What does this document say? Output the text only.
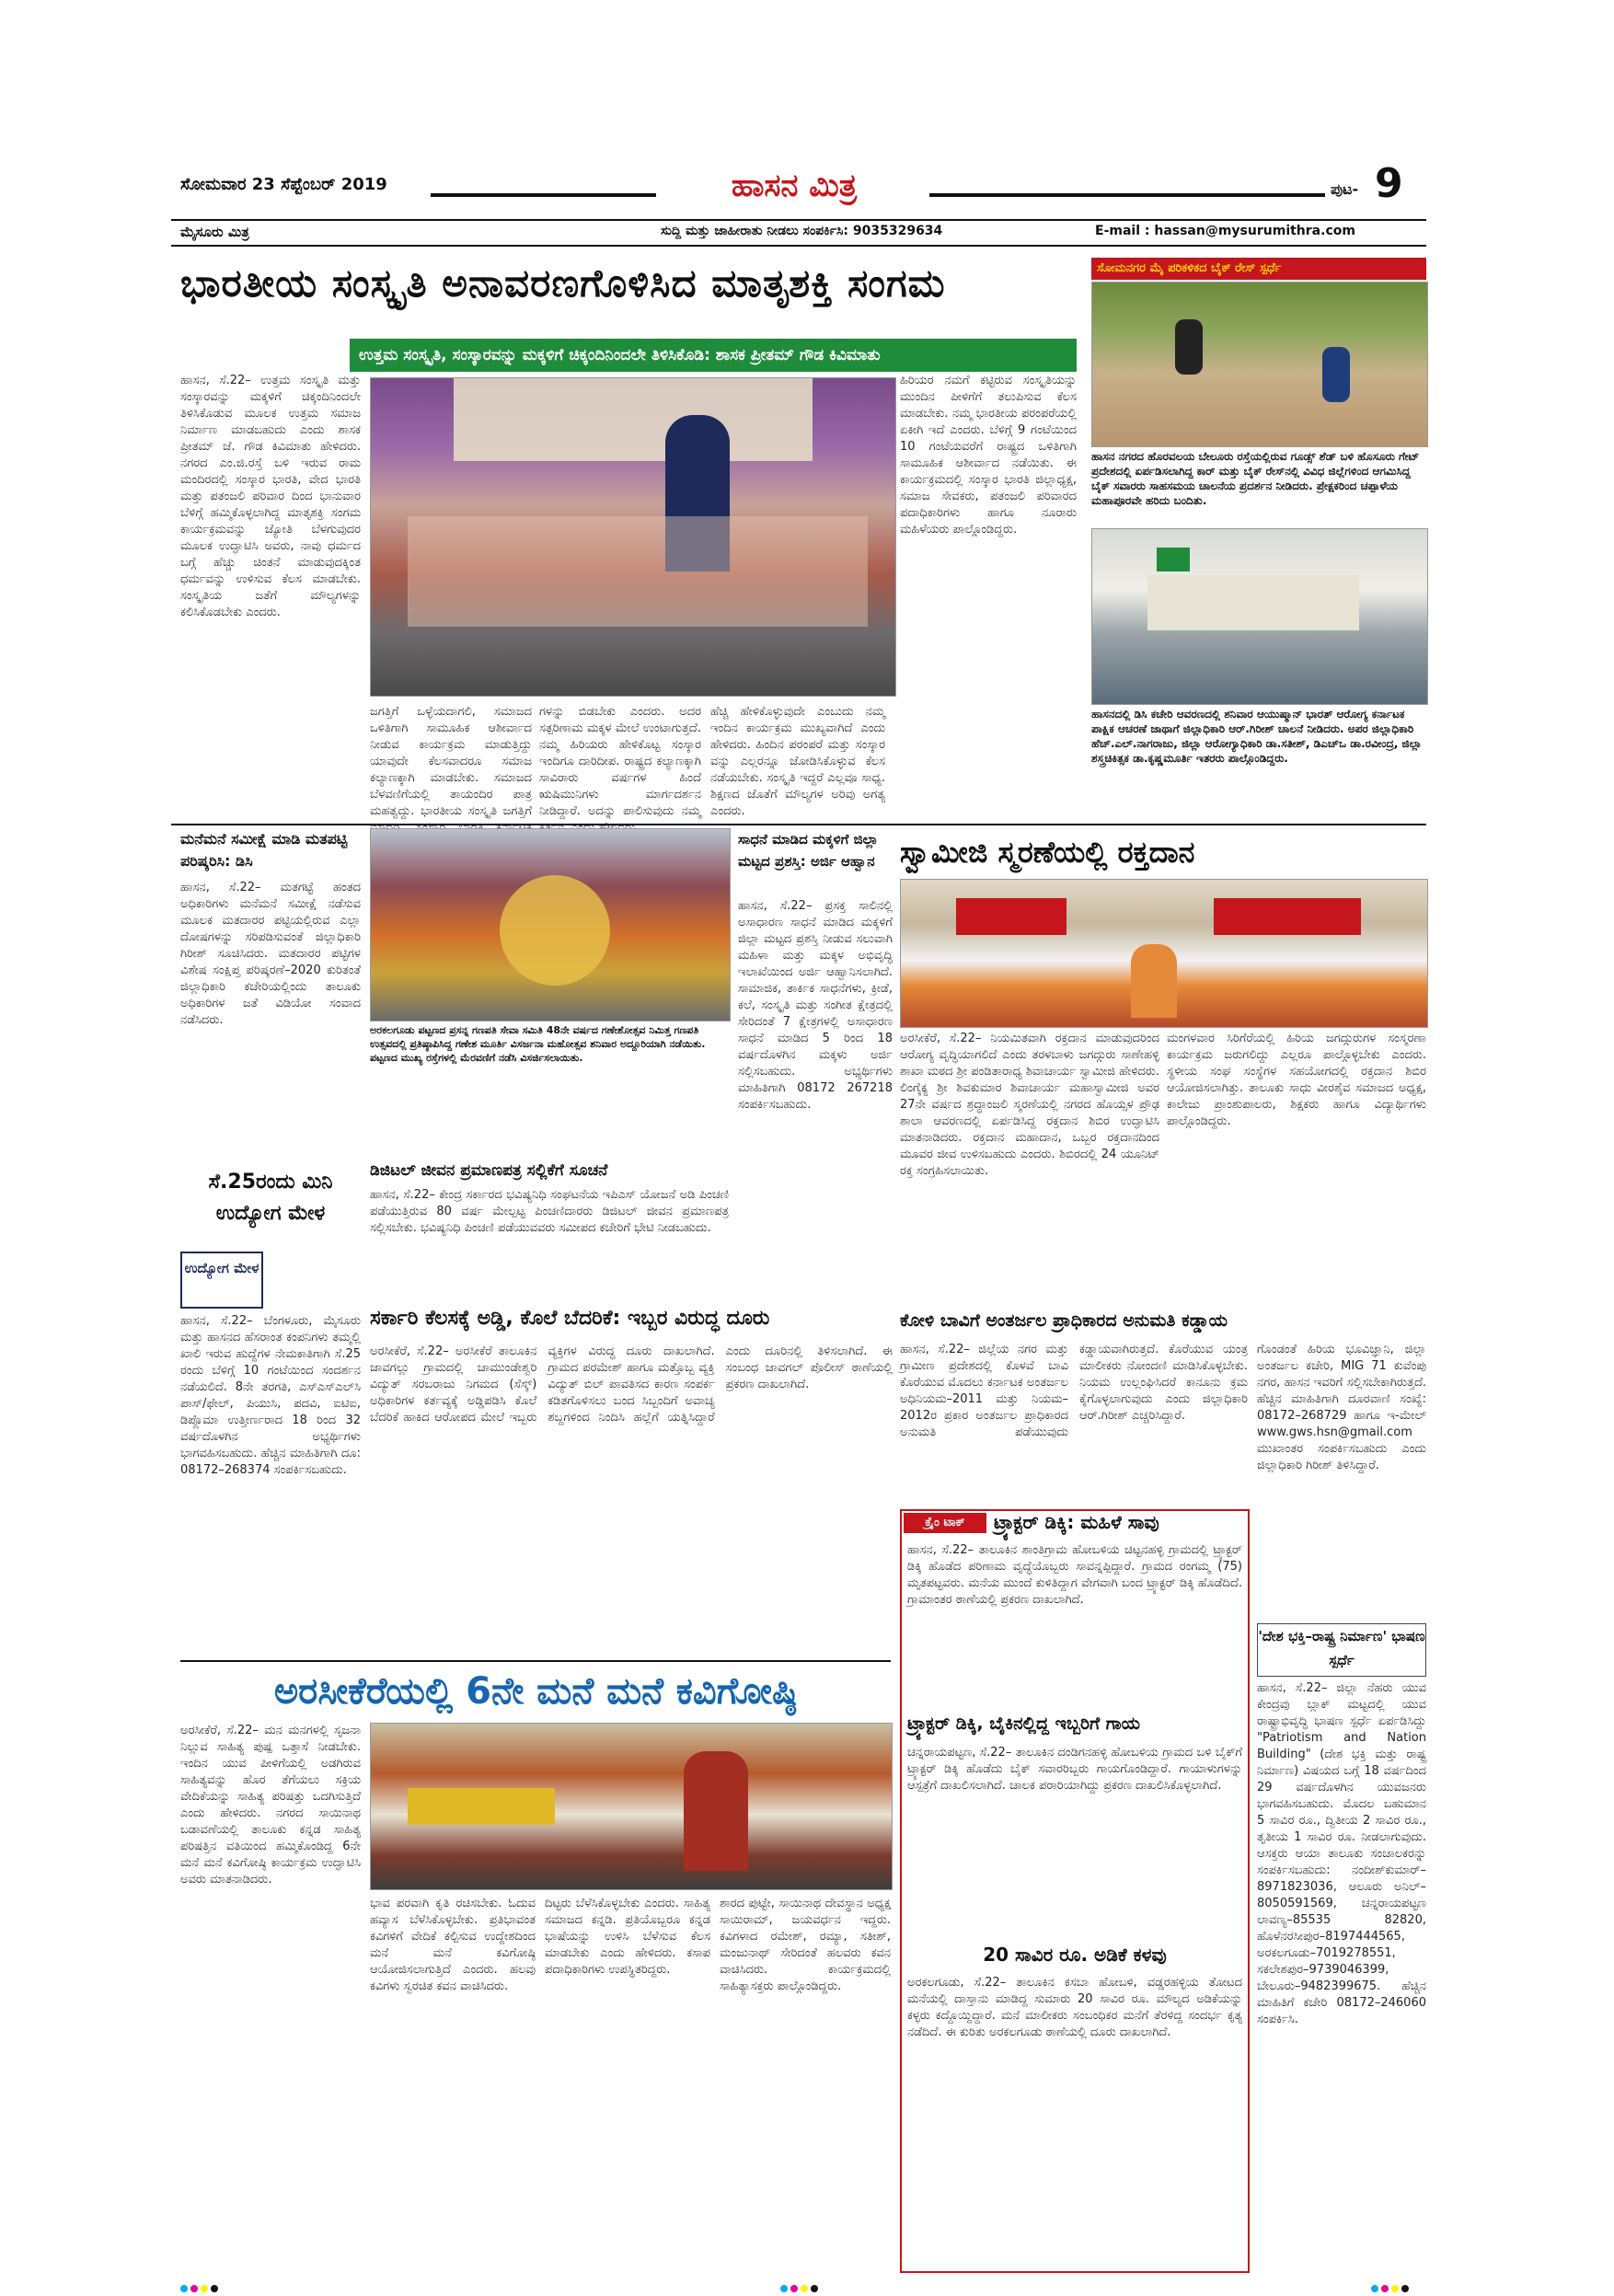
ಸೋಮವಾರ 23 ಸೆಪ್ಟೆಂಬರ್ 2019	ಹಾಸನ ಮಿತ್ರ	ಪುಟ- 9
ಮೈಸೂರು ಮಿತ್ರ	ಸುದ್ದಿ ಮತ್ತು ಜಾಹೀರಾತು ನೀಡಲು ಸಂಪರ್ಕಿಸಿ: 9035329634	E-mail : hassan@mysurumithra.com
ಭಾರತೀಯ ಸಂಸ್ಕೃತಿ ಅನಾವರಣಗೊಳಿಸಿದ ಮಾತೃಶಕ್ತಿ ಸಂಗಮ
ಉತ್ತಮ ಸಂಸ್ಕೃತಿ, ಸಂಸ್ಕಾರವನ್ನು ಮಕ್ಕಳಿಗೆ ಚಿಕ್ಕಂದಿನಿಂದಲೇ ತಿಳಿಸಿಕೊಡಿ: ಶಾಸಕ ಪ್ರೀತಮ್ ಗೌಡ ಕಿವಿಮಾತು
ಹಾಸನ, ಸೆ.22– ಉತ್ತಮ ಸಂಸ್ಕೃತಿ ಮತ್ತು ಸಂಸ್ಕಾರವನ್ನು ಮಕ್ಕಳಿಗೆ ಚಿಕ್ಕಂದಿನಿಂದಲೇ ತಿಳಿಸಿಕೊಡುವ ಮೂಲಕ ಉತ್ತಮ ಸಮಾಜ ನಿರ್ಮಾಣ ಮಾಡಬಹುದು ಎಂದು ಶಾಸಕ ಪ್ರೀತಮ್ ಜೆ. ಗೌಡ ಕಿವಿಮಾತು ಹೇಳಿದರು. ನಗರದ ಎಂ.ಜಿ.ರಸ್ತೆ ಬಳಿ ಇರುವ ರಾಮ ಮಂದಿರದಲ್ಲಿ ಸಂಸ್ಕಾರ ಭಾರತಿ, ವೇದ ಭಾರತಿ ಮತ್ತು ಪತಂಜಲಿ ಪರಿವಾರ ದಿಂದ ಭಾನುವಾರ ಬೆಳಿಗ್ಗೆ ಹಮ್ಮಿಕೊಳ್ಳಲಾಗಿದ್ದ ಮಾತೃಶಕ್ತಿ ಸಂಗಮ ಕಾರ್ಯಕ್ರಮವನ್ನು ಜ್ಯೋತಿ ಬೆಳಗುವುದರ ಮೂಲಕ ಉದ್ಘಾಟಿಸಿ ಅವರು, ನಾವು ಧರ್ಮದ ಬಗ್ಗೆ ಹೆಚ್ಚು ಚಿಂತನೆ ಮಾಡುವುದಕ್ಕಿಂತ ಧರ್ಮವನ್ನು ಉಳಿಸುವ ಕೆಲಸ ಮಾಡಬೇಕು. ಸಂಸ್ಕೃತಿಯ ಜತೆಗೆ ಮೌಲ್ಯಗಳನ್ನು ಕಲಿಸಿಕೊಡಬೇಕು ಎಂದರು.
ಜಗತ್ತಿಗೆ ಒಳ್ಳೆಯದಾಗಲಿ, ಸಮಾಜದ ಒಳಿತಿಗಾಗಿ ಸಾಮೂಹಿಕ ಆಶೀರ್ವಾದ ನೀಡುವ ಕಾರ್ಯಕ್ರಮ ಮಾಡುತ್ತಿದ್ದು ಯಾವುದೇ ಕೆಲಸವಾದರೂ ಸಮಾಜ ಕಲ್ಯಾಣಕ್ಕಾಗಿ ಮಾಡಬೇಕು. ಸಮಾಜದ ಬೆಳವಣಿಗೆಯಲ್ಲಿ ತಾಯಂದಿರ ಪಾತ್ರ ಮಹತ್ವದ್ದು. ಭಾರತೀಯ ಸಂಸ್ಕೃತಿ ಜಗತ್ತಿಗೆ
ಗಳನ್ನು ಬಿಡಬೇಕು ಎಂದರು. ಅದರ ಸತ್ಪರಿಣಾಮ ಮಕ್ಕಳ ಮೇಲೆ ಉಂಟಾಗುತ್ತದೆ. ನಮ್ಮ ಹಿರಿಯರು ಹೇಳಿಕೊಟ್ಟ ಸಂಸ್ಕಾರ ಇಂದಿಗೂ ದಾರಿದೀಪ. ರಾಷ್ಟ್ರದ ಕಲ್ಯಾಣಕ್ಕಾಗಿ ಸಾವಿರಾರು ವರ್ಷಗಳ ಹಿಂದೆ ಋಷಿಮುನಿಗಳು ಮಾರ್ಗದರ್ಶನ ನೀಡಿದ್ದಾರೆ. ಅದನ್ನು ಪಾಲಿಸುವುದು ನಮ್ಮ
ಹೆಚ್ಚಿ ಹೇಳಿಕೊಳ್ಳುವುದೇ ಎಂಬುದು ನಮ್ಮ ಇಂದಿನ ಕಾರ್ಯಕ್ರಮ ಮುಖ್ಯವಾಗಿದೆ ಎಂದು ಹೇಳಿದರು. ಹಿಂದಿನ ಪರಂಪರೆ ಮತ್ತು ಸಂಸ್ಕಾರ ವನ್ನು ಎಲ್ಲರನ್ನೂ ಜೋಡಿಸಿಕೊಳ್ಳುವ ಕೆಲಸ ನಡೆಯಬೇಕು. ಸಂಸ್ಕೃತಿ ಇದ್ದರೆ ಎಲ್ಲವೂ ಸಾಧ್ಯ. ಶಿಕ್ಷಣದ ಜೊತೆಗೆ ಮೌಲ್ಯಗಳ ಅರಿವು ಅಗತ್ಯ ಎಂದರು.
ಹಿರಿಯರ ನಮಗೆ ಕಟ್ಟಿರುವ ಸಂಸ್ಕೃತಿಯನ್ನು ಮುಂದಿನ ಪೀಳಿಗೆಗೆ ತಲುಪಿಸುವ ಕೆಲಸ ಮಾಡಬೇಕು. ನಮ್ಮ ಭಾರತೀಯ ಪರಂಪರೆಯಲ್ಲಿ ಏಕೀಗಿ ಇದೆ ಎಂದರು. ಬೆಳಿಗ್ಗೆ 9 ಗಂಟೆಯಿಂದ 10 ಗಂಟೆಯವರೆಗೆ ರಾಷ್ಟ್ರದ ಒಳಿತಿಗಾಗಿ ಸಾಮೂಹಿಕ ಆಶೀರ್ವಾದ ನಡೆಯಿತು. ಈ ಕಾರ್ಯಕ್ರಮದಲ್ಲಿ ಸಂಸ್ಕಾರ ಭಾರತಿ ಜಿಲ್ಲಾಧ್ಯಕ್ಷ, ಸಮಾಜ ಸೇವಕರು, ಪತಂಜಲಿ ಪರಿವಾರದ ಪದಾಧಿಕಾರಿಗಳು ಹಾಗೂ ನೂರಾರು ಮಹಿಳೆಯರು ಪಾಲ್ಗೊಂಡಿದ್ದರು.
ಸೋಮನಗರ ಮೈ ಪರಿಕಳಿಕದ ಬೈಕ್ ರೇಸ್ ಸ್ಪರ್ಧೆ
ಹಾಸನ ನಗರದ ಹೊರವಲಯ ಬೇಲೂರು ರಸ್ತೆಯಲ್ಲಿರುವ ಗೂಡ್ಸ್ ಶೆಡ್ ಬಳಿ ಹೊಸೂರು ಗೇಟ್ ಪ್ರದೇಶದಲ್ಲಿ ಏರ್ಪಡಿಸಲಾಗಿದ್ದ ಕಾರ್ ಮತ್ತು ಬೈಕ್ ರೇಸ್‌ನಲ್ಲಿ ವಿವಿಧ ಜಿಲ್ಲೆಗಳಿಂದ ಆಗಮಿಸಿದ್ದ ಬೈಕ್ ಸವಾರರು ಸಾಹಸಮಯ ಚಾಲನೆಯ ಪ್ರದರ್ಶನ ನೀಡಿದರು. ಪ್ರೇಕ್ಷಕರಿಂದ ಚಪ್ಪಾಳೆಯ ಮಹಾಪೂರವೇ ಹರಿದು ಬಂದಿತು.
ಹಾಸನದಲ್ಲಿ ಡಿಸಿ ಕಚೇರಿ ಆವರಣದಲ್ಲಿ ಶನಿವಾರ ಆಯುಷ್ಮಾನ್ ಭಾರತ್ ಆರೋಗ್ಯ ಕರ್ನಾಟಕ ಪಾಕ್ಷಿಕ ಆಚರಣೆ ಜಾಥಾಗೆ ಜಿಲ್ಲಾಧಿಕಾರಿ ಆರ್.ಗಿರೀಶ್ ಚಾಲನೆ ನೀಡಿದರು. ಅಪರ ಜಿಲ್ಲಾಧಿಕಾರಿ ಹೆಚ್.ಎಲ್.ನಾಗರಾಜು, ಜಿಲ್ಲಾ ಆರೋಗ್ಯಾಧಿಕಾರಿ ಡಾ.ಸತೀಶ್, ಡಿಎಚ್‌ಒ ಡಾ.ರವೀಂದ್ರ, ಜಿಲ್ಲಾ ಶಸ್ತ್ರಚಿಕಿತ್ಸಕ ಡಾ.ಕೃಷ್ಣಮೂರ್ತಿ ಇತರರು ಪಾಲ್ಗೊಂಡಿದ್ದರು.
ಮನೆಮನೆ ಸಮೀಕ್ಷೆ ಮಾಡಿ ಮತಪಟ್ಟಿ ಪರಿಷ್ಕರಿಸಿ: ಡಿಸಿ
ಹಾಸನ, ಸೆ.22– ಮತಗಟ್ಟೆ ಹಂತದ ಅಧಿಕಾರಿಗಳು ಮನೆಮನೆ ಸಮೀಕ್ಷೆ ನಡೆಸುವ ಮೂಲಕ ಮತದಾರರ ಪಟ್ಟಿಯಲ್ಲಿರುವ ಎಲ್ಲಾ ದೋಷಗಳನ್ನು ಸರಿಪಡಿಸುವಂತೆ ಜಿಲ್ಲಾಧಿಕಾರಿ ಗಿರೀಶ್ ಸೂಚಿಸಿದರು. ಮತದಾರರ ಪಟ್ಟಿಗಳ ವಿಶೇಷ ಸಂಕ್ಷಿಪ್ತ ಪರಿಷ್ಕರಣೆ–2020 ಕುರಿತಂತೆ ಜಿಲ್ಲಾಧಿಕಾರಿ ಕಚೇರಿಯಲ್ಲಿಂದು ತಾಲೂಕು ಅಧಿಕಾರಿಗಳ ಜತೆ ವಿಡಿಯೋ ಸಂವಾದ ನಡೆಸಿದರು.
ಅರಕಲಗೂಡು ಪಟ್ಟಣದ ಪ್ರಸನ್ನ ಗಣಪತಿ ಸೇವಾ ಸಮಿತಿ 48ನೇ ವರ್ಷದ ಗಣೇಶೋತ್ಸವ ನಿಮಿತ್ತ ಗಣಪತಿ ಉತ್ಸವದಲ್ಲಿ ಪ್ರತಿಷ್ಠಾಪಿಸಿದ್ದ ಗಣೇಶ ಮೂರ್ತಿ ವಿಸರ್ಜನಾ ಮಹೋತ್ಸವ ಶನಿವಾರ ಅದ್ದೂರಿಯಾಗಿ ನಡೆಯಿತು. ಪಟ್ಟಣದ ಮುಖ್ಯ ರಸ್ತೆಗಳಲ್ಲಿ ಮೆರವಣಿಗೆ ನಡೆಸಿ ವಿಸರ್ಜಿಸಲಾಯಿತು.
ಸಾಧನೆ ಮಾಡಿದ ಮಕ್ಕಳಿಗೆ ಜಿಲ್ಲಾ ಮಟ್ಟದ ಪ್ರಶಸ್ತಿ: ಅರ್ಜಿ ಆಹ್ವಾನ
ಹಾಸನ, ಸೆ.22– ಪ್ರಸಕ್ತ ಸಾಲಿನಲ್ಲಿ ಅಸಾಧಾರಣ ಸಾಧನೆ ಮಾಡಿದ ಮಕ್ಕಳಿಗೆ ಜಿಲ್ಲಾ ಮಟ್ಟದ ಪ್ರಶಸ್ತಿ ನೀಡುವ ಸಲುವಾಗಿ ಮಹಿಳಾ ಮತ್ತು ಮಕ್ಕಳ ಅಭಿವೃದ್ಧಿ ಇಲಾಖೆಯಿಂದ ಅರ್ಜಿ ಆಹ್ವಾನಿಸಲಾಗಿದೆ. ಸಾಮಾಜಿಕ, ತಾರ್ಕಿಕ ಸಾಧನೆಗಳು, ಕ್ರೀಡೆ, ಕಲೆ, ಸಂಸ್ಕೃತಿ ಮತ್ತು ಸಂಗೀತ ಕ್ಷೇತ್ರದಲ್ಲಿ ಸೇರಿದಂತೆ 7 ಕ್ಷೇತ್ರಗಳಲ್ಲಿ ಅಸಾಧಾರಣ ಸಾಧನೆ ಮಾಡಿದ 5 ರಿಂದ 18 ವರ್ಷದೊಳಗಿನ ಮಕ್ಕಳು ಅರ್ಜಿ ಸಲ್ಲಿಸಬಹುದು. ಅಭ್ಯರ್ಥಿಗಳು ಮಾಹಿತಿಗಾಗಿ 08172 267218 ಸಂಪರ್ಕಿಸಬಹುದು.
ಸ್ವಾಮೀಜಿ ಸ್ಮರಣೆಯಲ್ಲಿ ರಕ್ತದಾನ
ಅರಸೀಕೆರೆ, ಸೆ.22– ನಿಯಮಿತವಾಗಿ ರಕ್ತದಾನ ಮಾಡುವುದರಿಂದ ಆರೋಗ್ಯ ವೃದ್ಧಿಯಾಗಲಿದೆ ಎಂದು ತರಳಬಾಳು ಜಗದ್ಗುರು ಸಾಣೇಹಳ್ಳಿ ಶಾಖಾ ಮಠದ ಶ್ರೀ ಪಂಡಿತಾರಾಧ್ಯ ಶಿವಾಚಾರ್ಯ ಸ್ವಾಮೀಜಿ ಹೇಳಿದರು. ಲಿಂಗೈಕ್ಯ ಶ್ರೀ ಶಿವಕುಮಾರ ಶಿವಾಚಾರ್ಯ ಮಹಾಸ್ವಾಮೀಜಿ ಅವರ 27ನೇ ವರ್ಷದ ಶ್ರದ್ಧಾಂಜಲಿ ಸ್ಮರಣೆಯಲ್ಲಿ ನಗರದ ಹೊಯ್ಸಳ ಪ್ರೌಢ ಶಾಲಾ ಆವರಣದಲ್ಲಿ ಏರ್ಪಡಿಸಿದ್ದ ರಕ್ತದಾನ ಶಿಬಿರ ಉದ್ಘಾಟಿಸಿ ಮಾತನಾಡಿದರು. ರಕ್ತದಾನ ಮಹಾದಾನ, ಒಬ್ಬರ ರಕ್ತದಾನದಿಂದ ಮೂವರ ಜೀವ ಉಳಿಸಬಹುದು ಎಂದರು. ಶಿಬಿರದಲ್ಲಿ 24 ಯೂನಿಟ್ ರಕ್ತ ಸಂಗ್ರಹಿಸಲಾಯಿತು.
ಮಂಗಳವಾರ ಸಿರಿಗೆರೆಯಲ್ಲಿ ಹಿರಿಯ ಜಗದ್ಗುರುಗಳ ಸಂಸ್ಮರಣಾ ಕಾರ್ಯಕ್ರಮ ಜರುಗಲಿದ್ದು ಎಲ್ಲರೂ ಪಾಲ್ಗೊಳ್ಳಬೇಕು ಎಂದರು. ಸ್ಥಳೀಯ ಸಂಘ ಸಂಸ್ಥೆಗಳ ಸಹಯೋಗದಲ್ಲಿ ರಕ್ತದಾನ ಶಿಬಿರ ಆಯೋಜಿಸಲಾಗಿತ್ತು. ತಾಲೂಕು ಸಾಧು ವೀರಶೈವ ಸಮಾಜದ ಅಧ್ಯಕ್ಷ, ಕಾಲೇಜು ಪ್ರಾಂಶುಪಾಲರು, ಶಿಕ್ಷಕರು ಹಾಗೂ ವಿದ್ಯಾರ್ಥಿಗಳು ಪಾಲ್ಗೊಂಡಿದ್ದರು.
ಡಿಜಿಟಲ್ ಜೀವನ ಪ್ರಮಾಣಪತ್ರ ಸಲ್ಲಿಕೆಗೆ ಸೂಚನೆ
ಹಾಸನ, ಸೆ.22– ಕೇಂದ್ರ ಸರ್ಕಾರದ ಭವಿಷ್ಯನಿಧಿ ಸಂಘಟನೆಯ ಇಪಿಎಸ್ ಯೋಜನೆ ಅಡಿ ಪಿಂಚಣಿ ಪಡೆಯುತ್ತಿರುವ 80 ವರ್ಷ ಮೇಲ್ಪಟ್ಟ ಪಿಂಚಣಿದಾರರು ಡಿಜಿಟಲ್ ಜೀವನ ಪ್ರಮಾಣಪತ್ರ ಸಲ್ಲಿಸಬೇಕು. ಭವಿಷ್ಯನಿಧಿ ಪಿಂಚಣಿ ಪಡೆಯುವವರು ಸಮೀಪದ ಕಚೇರಿಗೆ ಭೇಟಿ ನೀಡಬಹುದು.
ಸೆ.25ರಂದು ಮಿನಿ ಉದ್ಯೋಗ ಮೇಳ
ಉದ್ಯೋಗ ಮೇಳ
ಹಾಸನ, ಸೆ.22– ಬೆಂಗಳೂರು, ಮೈಸೂರು ಮತ್ತು ಹಾಸನದ ಹೆಸರಾಂತ ಕಂಪನಿಗಳು ತಮ್ಮಲ್ಲಿ ಖಾಲಿ ಇರುವ ಹುದ್ದೆಗಳ ನೇಮಕಾತಿಗಾಗಿ ಸೆ.25 ರಂದು ಬೆಳಿಗ್ಗೆ 10 ಗಂಟೆಯಿಂದ ಸಂದರ್ಶನ ನಡೆಯಲಿದೆ. 8ನೇ ತರಗತಿ, ಎಸ್ಎಸ್ಎಲ್‌ಸಿ ಪಾಸ್/ಫೇಲ್, ಪಿಯುಸಿ, ಪದವಿ, ಐಟಿಐ, ಡಿಪ್ಲೊಮಾ ಉತ್ತೀರ್ಣರಾದ 18 ರಿಂದ 32 ವರ್ಷದೊಳಗಿನ ಅಭ್ಯರ್ಥಿಗಳು ಭಾಗವಹಿಸಬಹುದು. ಹೆಚ್ಚಿನ ಮಾಹಿತಿಗಾಗಿ ದೂ: 08172–268374 ಸಂಪರ್ಕಿಸಬಹುದು.
ಸರ್ಕಾರಿ ಕೆಲಸಕ್ಕೆ ಅಡ್ಡಿ, ಕೊಲೆ ಬೆದರಿಕೆ: ಇಬ್ಬರ ವಿರುದ್ಧ ದೂರು
ಅರಸೀಕೆರೆ, ಸೆ.22– ಅರಸೀಕೆರೆ ತಾಲೂಕಿನ ಜಾವಗಲ್ಲು ಗ್ರಾಮದಲ್ಲಿ ಚಾಮುಂಡೇಶ್ವರಿ ವಿದ್ಯುತ್ ಸರಬರಾಜು ನಿಗಮದ (ಸೆಸ್ಕ್) ಅಧಿಕಾರಿಗಳ ಕರ್ತವ್ಯಕ್ಕೆ ಅಡ್ಡಿಪಡಿಸಿ ಕೊಲೆ ಬೆದರಿಕೆ ಹಾಕಿದ ಆರೋಪದ ಮೇಲೆ ಇಬ್ಬರು ವ್ಯಕ್ತಿಗಳ ವಿರುದ್ಧ ದೂರು ದಾಖಲಾಗಿದೆ. ಗ್ರಾಮದ ಪರಮೇಶ್ ಹಾಗೂ ಮತ್ತೊಬ್ಬ ವ್ಯಕ್ತಿ ವಿದ್ಯುತ್ ಬಿಲ್ ಪಾವತಿಸದ ಕಾರಣ ಸಂಪರ್ಕ ಕಡಿತಗೊಳಿಸಲು ಬಂದ ಸಿಬ್ಬಂದಿಗೆ ಅವಾಚ್ಯ ಶಬ್ದಗಳಿಂದ ನಿಂದಿಸಿ ಹಲ್ಲೆಗೆ ಯತ್ನಿಸಿದ್ದಾರೆ ಎಂದು ದೂರಿನಲ್ಲಿ ತಿಳಿಸಲಾಗಿದೆ. ಈ ಸಂಬಂಧ ಜಾವಗಲ್ ಪೊಲೀಸ್ ಠಾಣೆಯಲ್ಲಿ ಪ್ರಕರಣ ದಾಖಲಾಗಿದೆ.
ಕೋಳಿ ಬಾವಿಗೆ ಅಂತರ್ಜಲ ಪ್ರಾಧಿಕಾರದ ಅನುಮತಿ ಕಡ್ಡಾಯ
ಹಾಸನ, ಸೆ.22– ಜಿಲ್ಲೆಯ ನಗರ ಮತ್ತು ಗ್ರಾಮೀಣ ಪ್ರದೇಶದಲ್ಲಿ ಕೊಳವೆ ಬಾವಿ ಕೊರೆಯುವ ಮೊದಲು ಕರ್ನಾಟಕ ಅಂತರ್ಜಲ ಅಧಿನಿಯಮ–2011 ಮತ್ತು ನಿಯಮ–2012ರ ಪ್ರಕಾರ ಅಂತರ್ಜಲ ಪ್ರಾಧಿಕಾರದ ಅನುಮತಿ ಪಡೆಯುವುದು ಕಡ್ಡಾಯವಾಗಿರುತ್ತದೆ. ಕೊರೆಯುವ ಯಂತ್ರ ಮಾಲೀಕರು ನೋಂದಣಿ ಮಾಡಿಸಿಕೊಳ್ಳಬೇಕು. ನಿಯಮ ಉಲ್ಲಂಘಿಸಿದರೆ ಕಾನೂನು ಕ್ರಮ ಕೈಗೊಳ್ಳಲಾಗುವುದು ಎಂದು ಜಿಲ್ಲಾಧಿಕಾರಿ ಆರ್.ಗಿರೀಶ್ ಎಚ್ಚರಿಸಿದ್ದಾರೆ.
ಗೊಂಡಂತೆ ಹಿರಿಯ ಭೂವಿಜ್ಞಾನಿ, ಜಿಲ್ಲಾ ಅಂತರ್ಜಲ ಕಚೇರಿ, MIG 71 ಕುವೆಂಪು ನಗರ, ಹಾಸನ ಇವರಿಗೆ ಸಲ್ಲಿಸಬೇಕಾಗಿರುತ್ತದೆ. ಹೆಚ್ಚಿನ ಮಾಹಿತಿಗಾಗಿ ದೂರವಾಣಿ ಸಂಖ್ಯೆ: 08172–268729 ಹಾಗೂ ಇ-ಮೇಲ್ www.gws.hsn@gmail.com ಮುಖಾಂತರ ಸಂಪರ್ಕಿಸಬಹುದು ಎಂದು ಜಿಲ್ಲಾಧಿಕಾರಿ ಗಿರೀಶ್ ತಿಳಿಸಿದ್ದಾರೆ.
ಕ್ರೈಂ ಟಾಕ್	ಟ್ರ್ಯಾಕ್ಟರ್ ಡಿಕ್ಕಿ: ಮಹಿಳೆ ಸಾವು
ಹಾಸನ, ಸೆ.22– ತಾಲೂಕಿನ ಶಾಂತಿಗ್ರಾಮ ಹೋಬಳಿಯ ಚಿಟ್ಟನಹಳ್ಳಿ ಗ್ರಾಮದಲ್ಲಿ ಟ್ರ್ಯಾಕ್ಟರ್ ಡಿಕ್ಕಿ ಹೊಡೆದ ಪರಿಣಾಮ ವೃದ್ಧೆಯೊಬ್ಬರು ಸಾವನ್ನಪ್ಪಿದ್ದಾರೆ. ಗ್ರಾಮದ ರಂಗಮ್ಮ (75) ಮೃತಪಟ್ಟವರು. ಮನೆಯ ಮುಂದೆ ಕುಳಿತಿದ್ದಾಗ ವೇಗವಾಗಿ ಬಂದ ಟ್ರ್ಯಾಕ್ಟರ್ ಡಿಕ್ಕಿ ಹೊಡೆದಿದೆ. ಗ್ರಾಮಾಂತರ ಠಾಣೆಯಲ್ಲಿ ಪ್ರಕರಣ ದಾಖಲಾಗಿದೆ.
ಟ್ರ್ಯಾಕ್ಟರ್ ಡಿಕ್ಕಿ, ಬೈಕಿನಲ್ಲಿದ್ದ ಇಬ್ಬರಿಗೆ ಗಾಯ
ಚನ್ನರಾಯಪಟ್ಟಣ, ಸೆ.22– ತಾಲೂಕಿನ ದಂಡಿಗನಹಳ್ಳಿ ಹೋಬಳಿಯ ಗ್ರಾಮದ ಬಳಿ ಬೈಕ್‌ಗೆ ಟ್ರ್ಯಾಕ್ಟರ್ ಡಿಕ್ಕಿ ಹೊಡೆದು ಬೈಕ್ ಸವಾರರಿಬ್ಬರು ಗಾಯಗೊಂಡಿದ್ದಾರೆ. ಗಾಯಾಳುಗಳನ್ನು ಆಸ್ಪತ್ರೆಗೆ ದಾಖಲಿಸಲಾಗಿದೆ. ಚಾಲಕ ಪರಾರಿಯಾಗಿದ್ದು ಪ್ರಕರಣ ದಾಖಲಿಸಿಕೊಳ್ಳಲಾಗಿದೆ.
20 ಸಾವಿರ ರೂ. ಅಡಿಕೆ ಕಳವು
ಅರಕಲಗೂಡು, ಸೆ.22– ತಾಲೂಕಿನ ಕಸಬಾ ಹೋಬಳಿ, ವಡ್ಡರಹಳ್ಳಿಯ ತೋಟದ ಮನೆಯಲ್ಲಿ ದಾಸ್ತಾನು ಮಾಡಿದ್ದ ಸುಮಾರು 20 ಸಾವಿರ ರೂ. ಮೌಲ್ಯದ ಅಡಿಕೆಯನ್ನು ಕಳ್ಳರು ಕದ್ದೊಯ್ದಿದ್ದಾರೆ. ಮನೆ ಮಾಲೀಕರು ಸಂಬಂಧಿಕರ ಮನೆಗೆ ತೆರಳಿದ್ದ ಸಂದರ್ಭ ಕೃತ್ಯ ನಡೆದಿದೆ. ಈ ಕುರಿತು ಅರಕಲಗೂಡು ಠಾಣೆಯಲ್ಲಿ ದೂರು ದಾಖಲಾಗಿದೆ.
'ದೇಶ ಭಕ್ತಿ–ರಾಷ್ಟ್ರ ನಿರ್ಮಾಣ' ಭಾಷಣ ಸ್ಪರ್ಧೆ
ಹಾಸನ, ಸೆ.22– ಜಿಲ್ಲಾ ನೆಹರು ಯುವ ಕೇಂದ್ರವು ಬ್ಲಾಕ್ ಮಟ್ಟದಲ್ಲಿ ಯುವ ರಾಷ್ಟ್ರಾಭಿವೃದ್ಧಿ ಭಾಷಣ ಸ್ಪರ್ಧೆ ಏರ್ಪಡಿಸಿದ್ದು "Patriotism and Nation Building" (ದೇಶ ಭಕ್ತಿ ಮತ್ತು ರಾಷ್ಟ್ರ ನಿರ್ಮಾಣ) ವಿಷಯದ ಬಗ್ಗೆ 18 ವರ್ಷದಿಂದ 29 ವರ್ಷದೊಳಗಿನ ಯುವಜನರು ಭಾಗವಹಿಸಬಹುದು. ಮೊದಲ ಬಹುಮಾನ 5 ಸಾವಿರ ರೂ., ದ್ವಿತೀಯ 2 ಸಾವಿರ ರೂ., ತೃತೀಯ 1 ಸಾವಿರ ರೂ. ನೀಡಲಾಗುವುದು. ಆಸಕ್ತರು ಆಯಾ ತಾಲೂಕು ಸಂಚಾಲಕರನ್ನು ಸಂಪರ್ಕಿಸಬಹುದು: ನಂದೀಶ್‌ಕುಮಾರ್–8971823036, ಆಲೂರು ಅನಿಲ್–8050591569, ಚನ್ನರಾಯಪಟ್ಟಣ ಲಾವಣ್ಯ–85535 82820, ಹೊಳೆನರಸೀಪುರ–8197444565, ಅರಕಲಗೂಡು–7019278551, ಸಕಲೇಶಪುರ–9739046399, ಬೇಲೂರು–9482399675. ಹೆಚ್ಚಿನ ಮಾಹಿತಿಗೆ ಕಚೇರಿ 08172–246060 ಸಂಪರ್ಕಿಸಿ.
ಅರಸೀಕೆರೆಯಲ್ಲಿ 6ನೇ ಮನೆ ಮನೆ ಕವಿಗೋಷ್ಠಿ
ಅರಸೀಕೆರೆ, ಸೆ.22– ಮನ ಮನಗಳಲ್ಲಿ ಸೃಜನಾ ನಿಲ್ಲುವ ಸಾಹಿತ್ಯ ಪುಷ್ಪ ಒತ್ತಾಸೆ ನೀಡಬೇಕು. ಇಂದಿನ ಯುವ ಪೀಳಿಗೆಯಲ್ಲಿ ಅಡಗಿರುವ ಸಾಹಿತ್ಯವನ್ನು ಹೊರ ತೆಗೆಯಲು ಸಕ್ರಿಯ ವೇದಿಕೆಯನ್ನು ಸಾಹಿತ್ಯ ಪರಿಷತ್ತು ಒದಗಿಸುತ್ತಿದೆ ಎಂದು ಹೇಳಿದರು. ನಗರದ ಸಾಯಿನಾಥ ಬಡಾವಣೆಯಲ್ಲಿ ತಾಲೂಕು ಕನ್ನಡ ಸಾಹಿತ್ಯ ಪರಿಷತ್ತಿನ ವತಿಯಿಂದ ಹಮ್ಮಿಕೊಂಡಿದ್ದ 6ನೇ ಮನೆ ಮನೆ ಕವಿಗೋಷ್ಠಿ ಕಾರ್ಯಕ್ರಮ ಉದ್ಘಾಟಿಸಿ ಅವರು ಮಾತನಾಡಿದರು.
ಭಾವ ಪರವಾಗಿ ಕೃತಿ ರಚಿಸಬೇಕು. ಓದುವ ಹವ್ಯಾಸ ಬೆಳೆಸಿಕೊಳ್ಳಬೇಕು. ಪ್ರತಿಭಾವಂತ ಕವಿಗಳಿಗೆ ವೇದಿಕೆ ಕಲ್ಪಿಸುವ ಉದ್ದೇಶದಿಂದ ಮನೆ ಮನೆ ಕವಿಗೋಷ್ಠಿ ಆಯೋಜಿಸಲಾಗುತ್ತಿದೆ ಎಂದರು. ಹಲವು ಕವಿಗಳು ಸ್ವರಚಿತ ಕವನ ವಾಚಿಸಿದರು.
ದಿಟ್ಟರು ಬೆಳೆಸಿಕೊಳ್ಳಬೇಕು ಎಂದರು. ಸಾಹಿತ್ಯ ಸಮಾಜದ ಕನ್ನಡಿ. ಪ್ರತಿಯೊಬ್ಬರೂ ಕನ್ನಡ ಭಾಷೆಯನ್ನು ಉಳಿಸಿ ಬೆಳೆಸುವ ಕೆಲಸ ಮಾಡಬೇಕು ಎಂದು ಹೇಳಿದರು. ಕಸಾಪ ಪದಾಧಿಕಾರಿಗಳು ಉಪಸ್ಥಿತರಿದ್ದರು.
ಶಾರದ ಪುಟ್ಟೇ, ಸಾಯಿನಾಥ ದೇವಸ್ಥಾನ ಅಧ್ಯಕ್ಷ ಸಾಯಿರಾಮ್, ಜಯವರ್ಧನ ಇದ್ದರು. ಕವಿಗಳಾದ ರಮೇಶ್, ರಮ್ಯಾ, ಸತೀಶ್, ಮಂಜುನಾಥ್ ಸೇರಿದಂತೆ ಹಲವರು ಕವನ ವಾಚಿಸಿದರು. ಕಾರ್ಯಕ್ರಮದಲ್ಲಿ ಸಾಹಿತ್ಯಾಸಕ್ತರು ಪಾಲ್ಗೊಂಡಿದ್ದರು.
